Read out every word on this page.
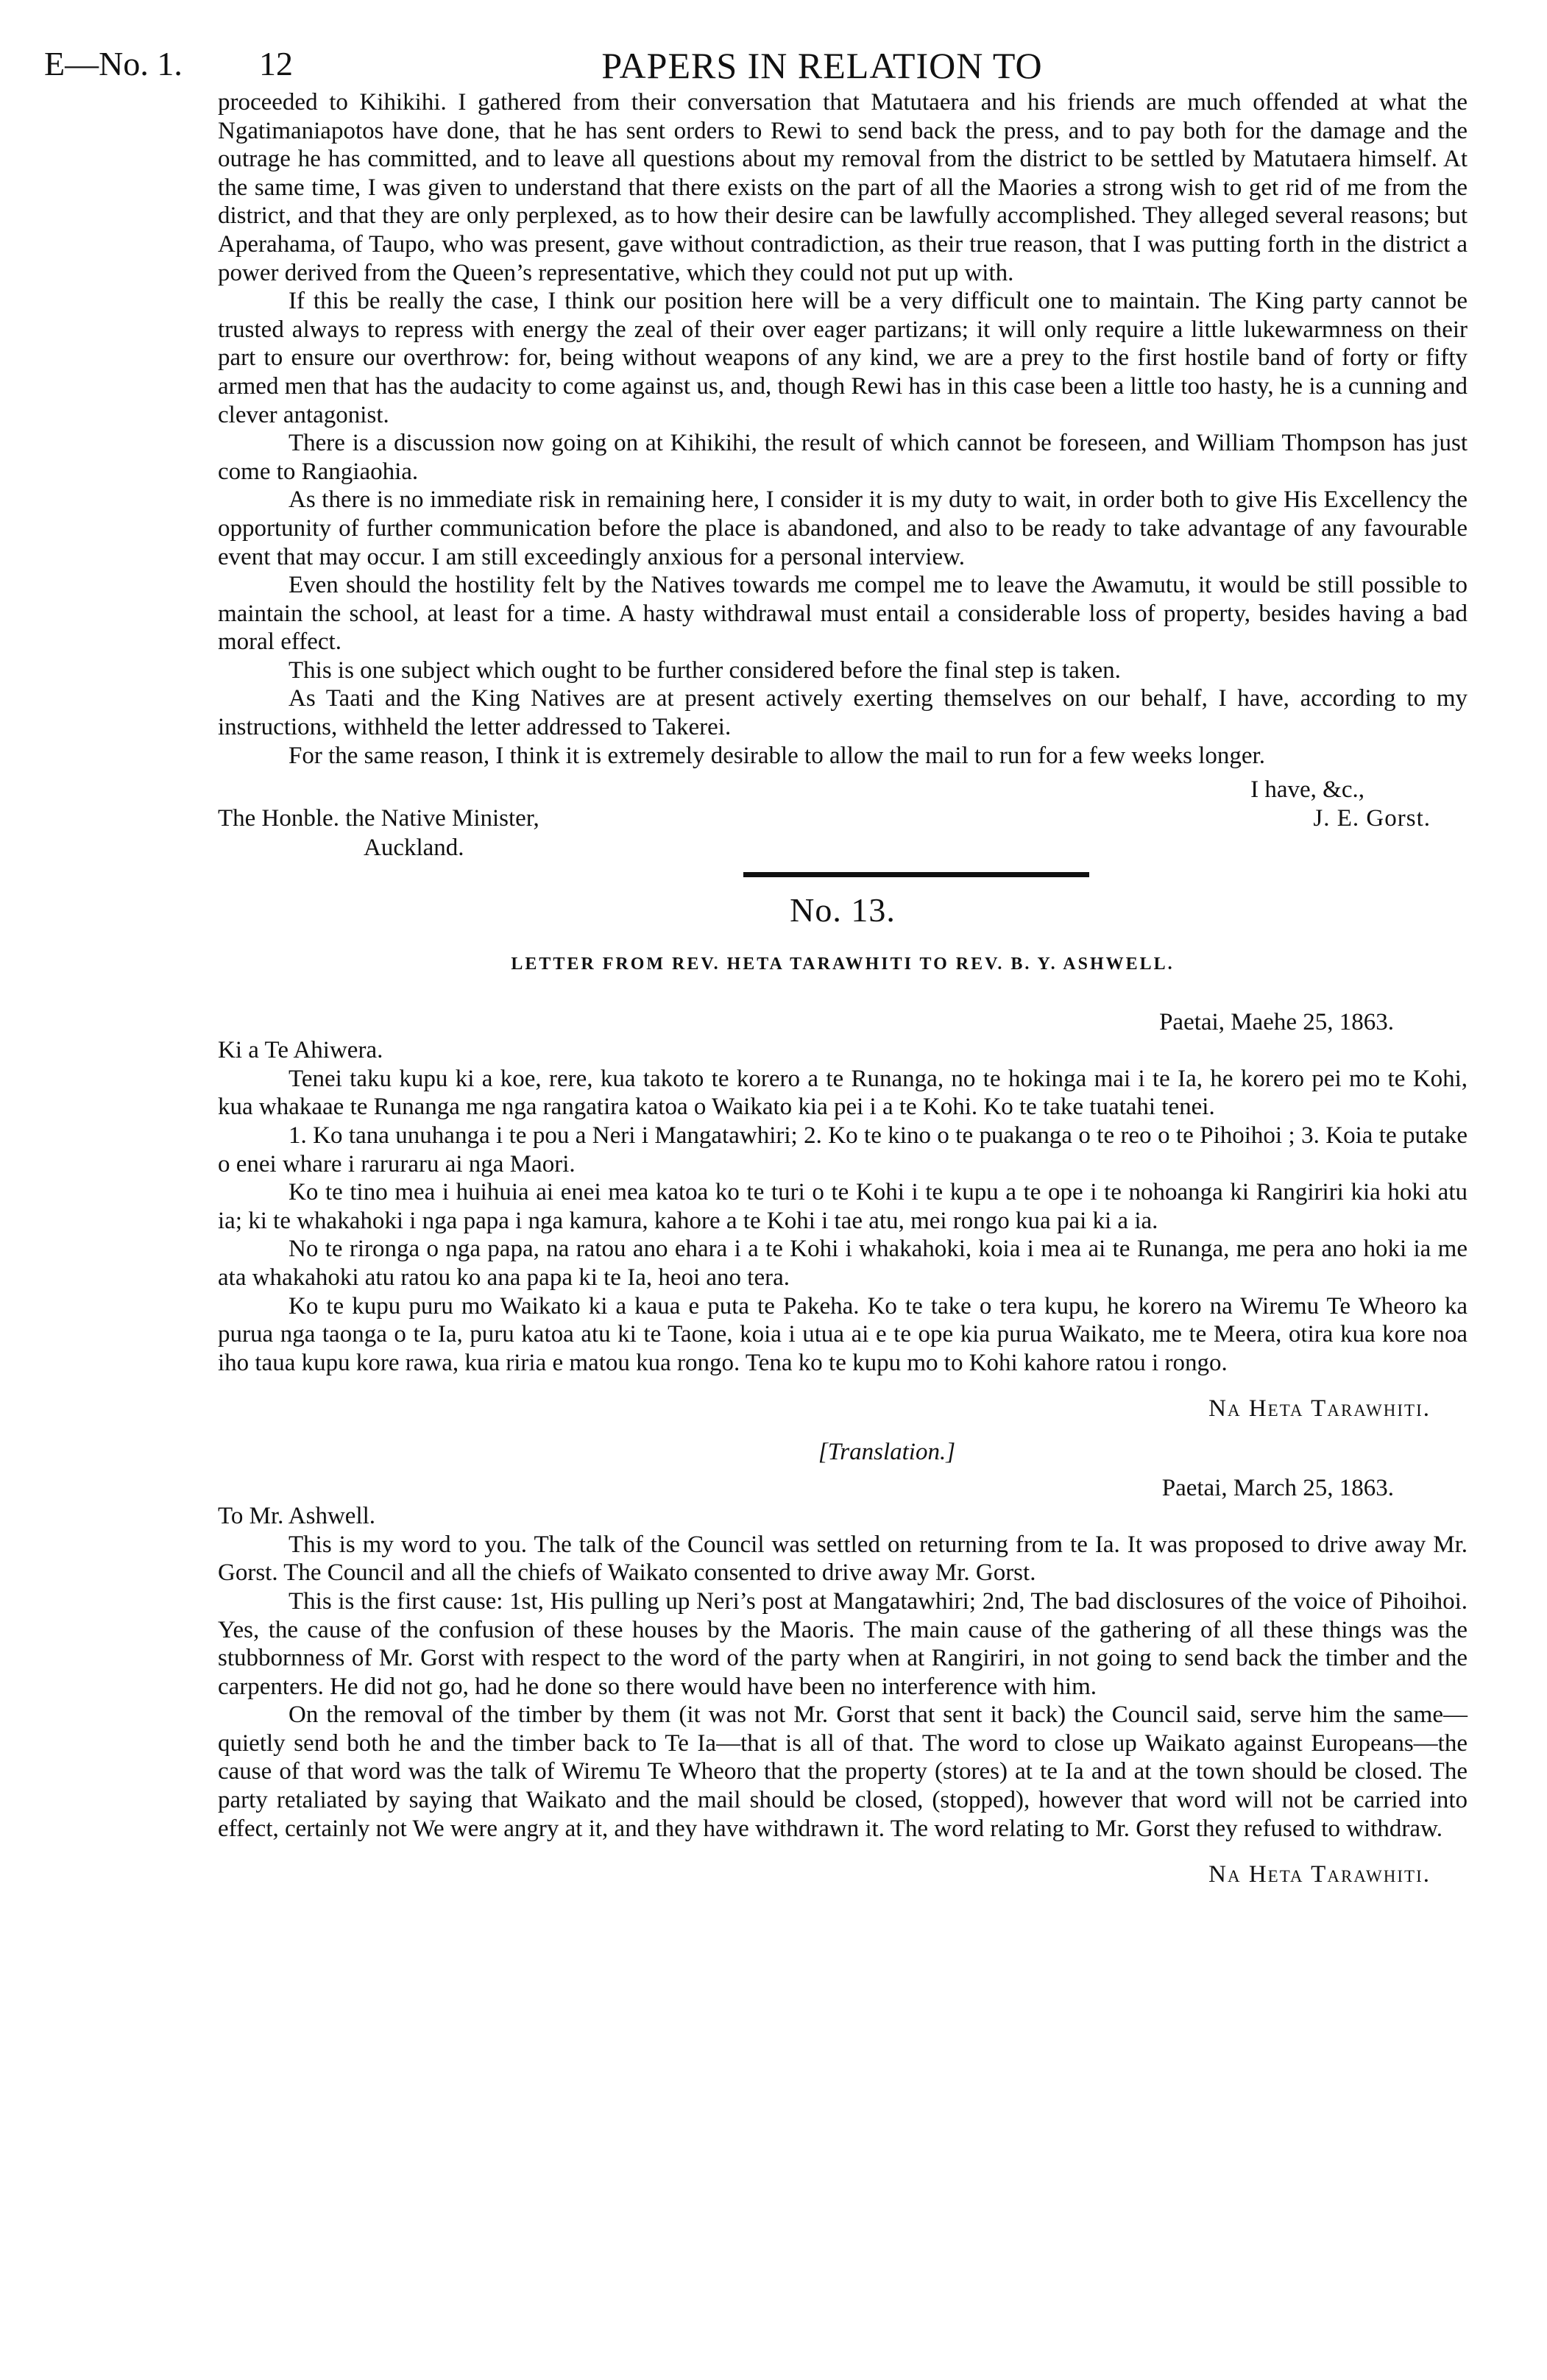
E—No. 1. 12	PAPERS IN RELATION TO

proceeded to Kihikihi. I gathered from their conversation that Matutaera and his friends are much offended at what the Ngatimaniapotos have done, that he has sent orders to Rewi to send back the press, and to pay both for the damage and the outrage he has committed, and to leave all questions about my removal from the district to be settled by Matutaera himself. At the same time, I was given to understand that there exists on the part of all the Maories a strong wish to get rid of me from the district, and that they are only perplexed, as to how their desire can be lawfully accomplished. They alleged several reasons; but Aperahama, of Taupo, who was present, gave without contradiction, as their true reason, that I was putting forth in the district a power derived from the Queen’s representative, which they could not put up with.

If this be really the case, I think our position here will be a very difficult one to maintain. The King party cannot be trusted always to repress with energy the zeal of their over eager partizans; it will only require a little lukewarmness on their part to ensure our overthrow: for, being without weapons of any kind, we are a prey to the first hostile band of forty or fifty armed men that has the audacity to come against us, and, though Rewi has in this case been a little too hasty, he is a cunning and clever antagonist.

There is a discussion now going on at Kihikihi, the result of which cannot be foreseen, and William Thompson has just come to Rangiaohia.

As there is no immediate risk in remaining here, I consider it is my duty to wait, in order both to give His Excellency the opportunity of further communication before the place is abandoned, and also to be ready to take advantage of any favourable event that may occur. I am still exceedingly anxious for a personal interview.

Even should the hostility felt by the Natives towards me compel me to leave the Awamutu, it would be still possible to maintain the school, at least for a time. A hasty withdrawal must entail a considerable loss of property, besides having a bad moral effect.

This is one subject which ought to be further considered before the final step is taken.

As Taati and the King Natives are at present actively exerting themselves on our behalf, I have, according to my instructions, withheld the letter addressed to Takerei.

For the same reason, I think it is extremely desirable to allow the mail to run for a few weeks longer.

I have, &c.,

The Honble. the Native Minister,	J. E. Gorst.
Auckland.
No. 13.
LETTER FROM REV. HETA TARAWHITI TO REV. B. Y. ASHWELL.

Paetai, Maehe 25, 1863.

Ki a Te Ahiwera.

Tenei taku kupu ki a koe, rere, kua takoto te korero a te Runanga, no te hokinga mai i te Ia, he korero pei mo te Kohi, kua whakaae te Runanga me nga rangatira katoa o Waikato kia pei i a te Kohi. Ko te take tuatahi tenei.

1. Ko tana unuhanga i te pou a Neri i Mangatawhiri; 2. Ko te kino o te puakanga o te reo o te Pihoihoi ; 3. Koia te putake o enei whare i raruraru ai nga Maori.

Ko te tino mea i huihuia ai enei mea katoa ko te turi o te Kohi i te kupu a te ope i te nohoanga ki Rangiriri kia hoki atu ia; ki te whakahoki i nga papa i nga kamura, kahore a te Kohi i tae atu, mei rongo kua pai ki a ia.

No te rironga o nga papa, na ratou ano ehara i a te Kohi i whakahoki, koia i mea ai te Runanga, me pera ano hoki ia me ata whakahoki atu ratou ko ana papa ki te Ia, heoi ano tera.

Ko te kupu puru mo Waikato ki a kaua e puta te Pakeha. Ko te take o tera kupu, he korero na Wiremu Te Wheoro ka purua nga taonga o te Ia, puru katoa atu ki te Taone, koia i utua ai e te ope kia purua Waikato, me te Meera, otira kua kore noa iho taua kupu kore rawa, kua riria e matou kua rongo. Tena ko te kupu mo to Kohi kahore ratou i rongo.

Na Heta Tarawhiti.

[Translation.]

Paetai, March 25, 1863.

To Mr. Ashwell.

This is my word to you. The talk of the Council was settled on returning from te Ia. It was proposed to drive away Mr. Gorst. The Council and all the chiefs of Waikato consented to drive away Mr. Gorst.

This is the first cause: 1st, His pulling up Neri’s post at Mangatawhiri; 2nd, The bad disclosures of the voice of Pihoihoi. Yes, the cause of the confusion of these houses by the Maoris. The main cause of the gathering of all these things was the stubbornness of Mr. Gorst with respect to the word of the party when at Rangiriri, in not going to send back the timber and the carpenters. He did not go, had he done so there would have been no interference with him.

On the removal of the timber by them (it was not Mr. Gorst that sent it back) the Council said, serve him the same—quietly send both he and the timber back to Te Ia—that is all of that. The word to close up Waikato against Europeans—the cause of that word was the talk of Wiremu Te Wheoro that the property (stores) at te Ia and at the town should be closed. The party retaliated by saying that Waikato and the mail should be closed, (stopped), however that word will not be carried into effect, certainly not We were angry at it, and they have withdrawn it. The word relating to Mr. Gorst they refused to withdraw.

Na Heta Tarawhiti.
